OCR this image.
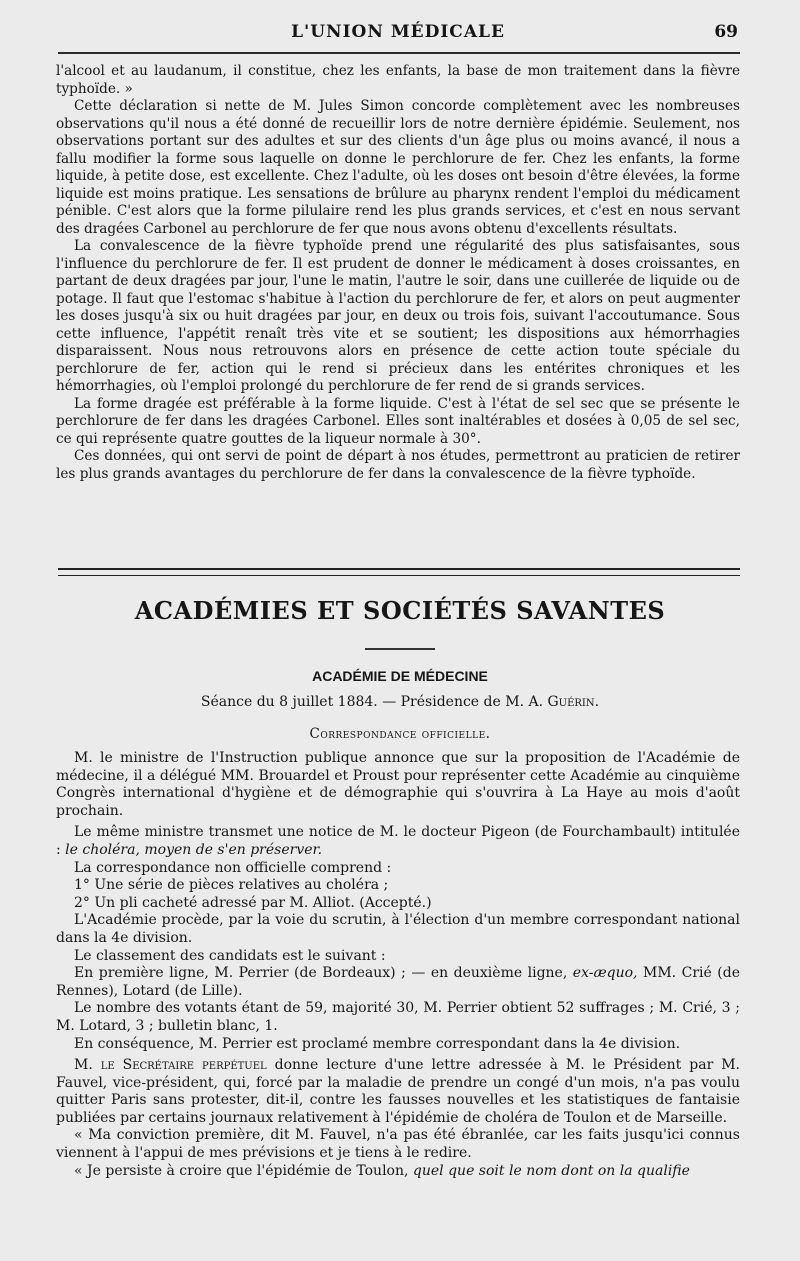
L'UNION MÉDICALE	69

l'alcool et au laudanum, il constitue, chez les enfants, la base de mon traitement dans la fièvre typhoïde. »

Cette déclaration si nette de M. Jules Simon concorde complètement avec les nombreuses observations qu'il nous a été donné de recueillir lors de notre dernière épidémie. Seulement, nos observations portant sur des adultes et sur des clients d'un âge plus ou moins avancé, il nous a fallu modifier la forme sous laquelle on donne le perchlorure de fer. Chez les enfants, la forme liquide, à petite dose, est excellente. Chez l'adulte, où les doses ont besoin d'être élevées, la forme liquide est moins pratique. Les sensations de brûlure au pharynx rendent l'emploi du médicament pénible. C'est alors que la forme pilulaire rend les plus grands services, et c'est en nous servant des dragées Carbonel au perchlorure de fer que nous avons obtenu d'excellents résultats.

La convalescence de la fièvre typhoïde prend une régularité des plus satisfaisantes, sous l'influence du perchlorure de fer. Il est prudent de donner le médicament à doses croissantes, en partant de deux dragées par jour, l'une le matin, l'autre le soir, dans une cuillerée de liquide ou de potage. Il faut que l'estomac s'habitue à l'action du perchlorure de fer, et alors on peut augmenter les doses jusqu'à six ou huit dragées par jour, en deux ou trois fois, suivant l'accoutumance. Sous cette influence, l'appétit renaît très vite et se soutient; les dispositions aux hémorrhagies disparaissent. Nous nous retrouvons alors en présence de cette action toute spéciale du perchlorure de fer, action qui le rend si précieux dans les entérites chroniques et les hémorrhagies, où l'emploi prolongé du perchlorure de fer rend de si grands services.

La forme dragée est préférable à la forme liquide. C'est à l'état de sel sec que se présente le perchlorure de fer dans les dragées Carbonel. Elles sont inaltérables et dosées à 0,05 de sel sec, ce qui représente quatre gouttes de la liqueur normale à 30°.

Ces données, qui ont servi de point de départ à nos études, permettront au praticien de retirer les plus grands avantages du perchlorure de fer dans la convalescence de la fièvre typhoïde.

ACADÉMIES ET SOCIÉTÉS SAVANTES
ACADÉMIE DE MÉDECINE
Séance du 8 juillet 1884. — Présidence de M. A. Guérin.
Correspondance officielle.

M. le ministre de l'Instruction publique annonce que sur la proposition de l'Académie de médecine, il a délégué MM. Brouardel et Proust pour représenter cette Académie au cinquième Congrès international d'hygiène et de démographie qui s'ouvrira à La Haye au mois d'août prochain.

Le même ministre transmet une notice de M. le docteur Pigeon (de Fourchambault) intitulée : le choléra, moyen de s'en préserver.

La correspondance non officielle comprend :

1° Une série de pièces relatives au choléra ;

2° Un pli cacheté adressé par M. Alliot. (Accepté.)

L'Académie procède, par la voie du scrutin, à l'élection d'un membre correspondant national dans la 4e division.

Le classement des candidats est le suivant :

En première ligne, M. Perrier (de Bordeaux) ; — en deuxième ligne, ex-æquo, MM. Crié (de Rennes), Lotard (de Lille).

Le nombre des votants étant de 59, majorité 30, M. Perrier obtient 52 suffrages ; M. Crié, 3 ; M. Lotard, 3 ; bulletin blanc, 1.

En conséquence, M. Perrier est proclamé membre correspondant dans la 4e division.

M. le Secrétaire perpétuel donne lecture d'une lettre adressée à M. le Président par M. Fauvel, vice-président, qui, forcé par la maladie de prendre un congé d'un mois, n'a pas voulu quitter Paris sans protester, dit-il, contre les fausses nouvelles et les statistiques de fantaisie publiées par certains journaux relativement à l'épidémie de choléra de Toulon et de Marseille.

« Ma conviction première, dit M. Fauvel, n'a pas été ébranlée, car les faits jusqu'ici connus viennent à l'appui de mes prévisions et je tiens à le redire.

« Je persiste à croire que l'épidémie de Toulon, quel que soit le nom dont on la qualifie
